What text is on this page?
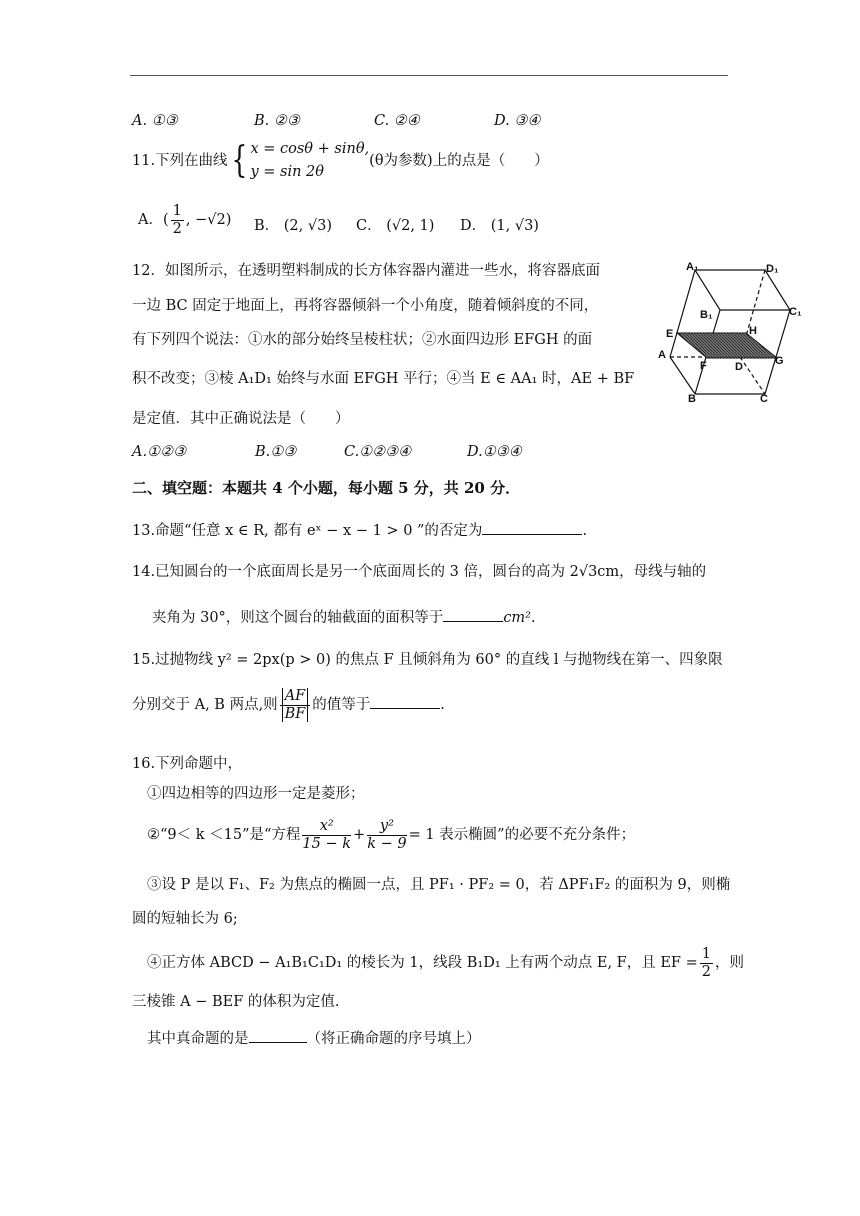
A. ①③	B. ②③	C. ②④	D. ③④
11.下列在曲线{ x = cosθ + sinθ,
y = sin 2θ
(θ为参数)上的点是（　　）
A．( $\frac{1}{2}$ , −√2) B． (2, √3) C． (√2, 1) D． (1, √3)
12．如图所示，在透明塑料制成的长方体容器内灌进一些水，将容器底面
一边 BC 固定于地面上，再将容器倾斜一个小角度，随着倾斜度的不同，
有下列四个说法：①水的部分始终呈棱柱状；②水面四边形 EFGH 的面
积不改变；③棱 A₁D₁ 始终与水面 EFGH 平行；④当 E ∈ AA₁ 时，AE + BF
是定值．其中正确说法是（　　）
A₁	D₁
B₁	C₁
E	H
A	G
F	D
B	C
A.①②③	B.①③	C.①②③④	D.①③④
二、填空题：本题共 4 个小题，每小题 5 分，共 20 分．
13.命题“任意 x ∈ R, 都有 eˣ − x − 1 > 0 ”的否定为	.
14.已知圆台的一个底面周长是另一个底面周长的 3 倍，圆台的高为 2√3cm，母线与轴的
夹角为 30°，则这个圆台的轴截面的面积等于	cm².
15.过抛物线 y² = 2px(p > 0) 的焦点 F 且倾斜角为 60° 的直线 l 与抛物线在第一、四象限
分别交于 A, B 两点,则 $\frac{AF}{BF}$ 的值等于	.
16.下列命题中，
①四边相等的四边形一定是菱形；
②“9＜ k ＜15”是“方程 $\frac{\text{x²}}{15 - k} + \frac{\text{y²}}{k - 9} = 1$ 表示椭圆”的必要不充分条件；
③设 P 是以 F₁、F₂ 为焦点的椭圆一点，且 PF₁ · PF₂ = 0，若 ΔPF₁F₂ 的面积为 9，则椭
圆的短轴长为 6;
④正方体 ABCD − A₁B₁C₁D₁ 的棱长为 1，线段 B₁D₁ 上有两个动点 E, F，且 EF = $\frac{1}{2}$ ，则
三棱锥 A − BEF 的体积为定值.
其中真命题的是	（将正确命题的序号填上）
